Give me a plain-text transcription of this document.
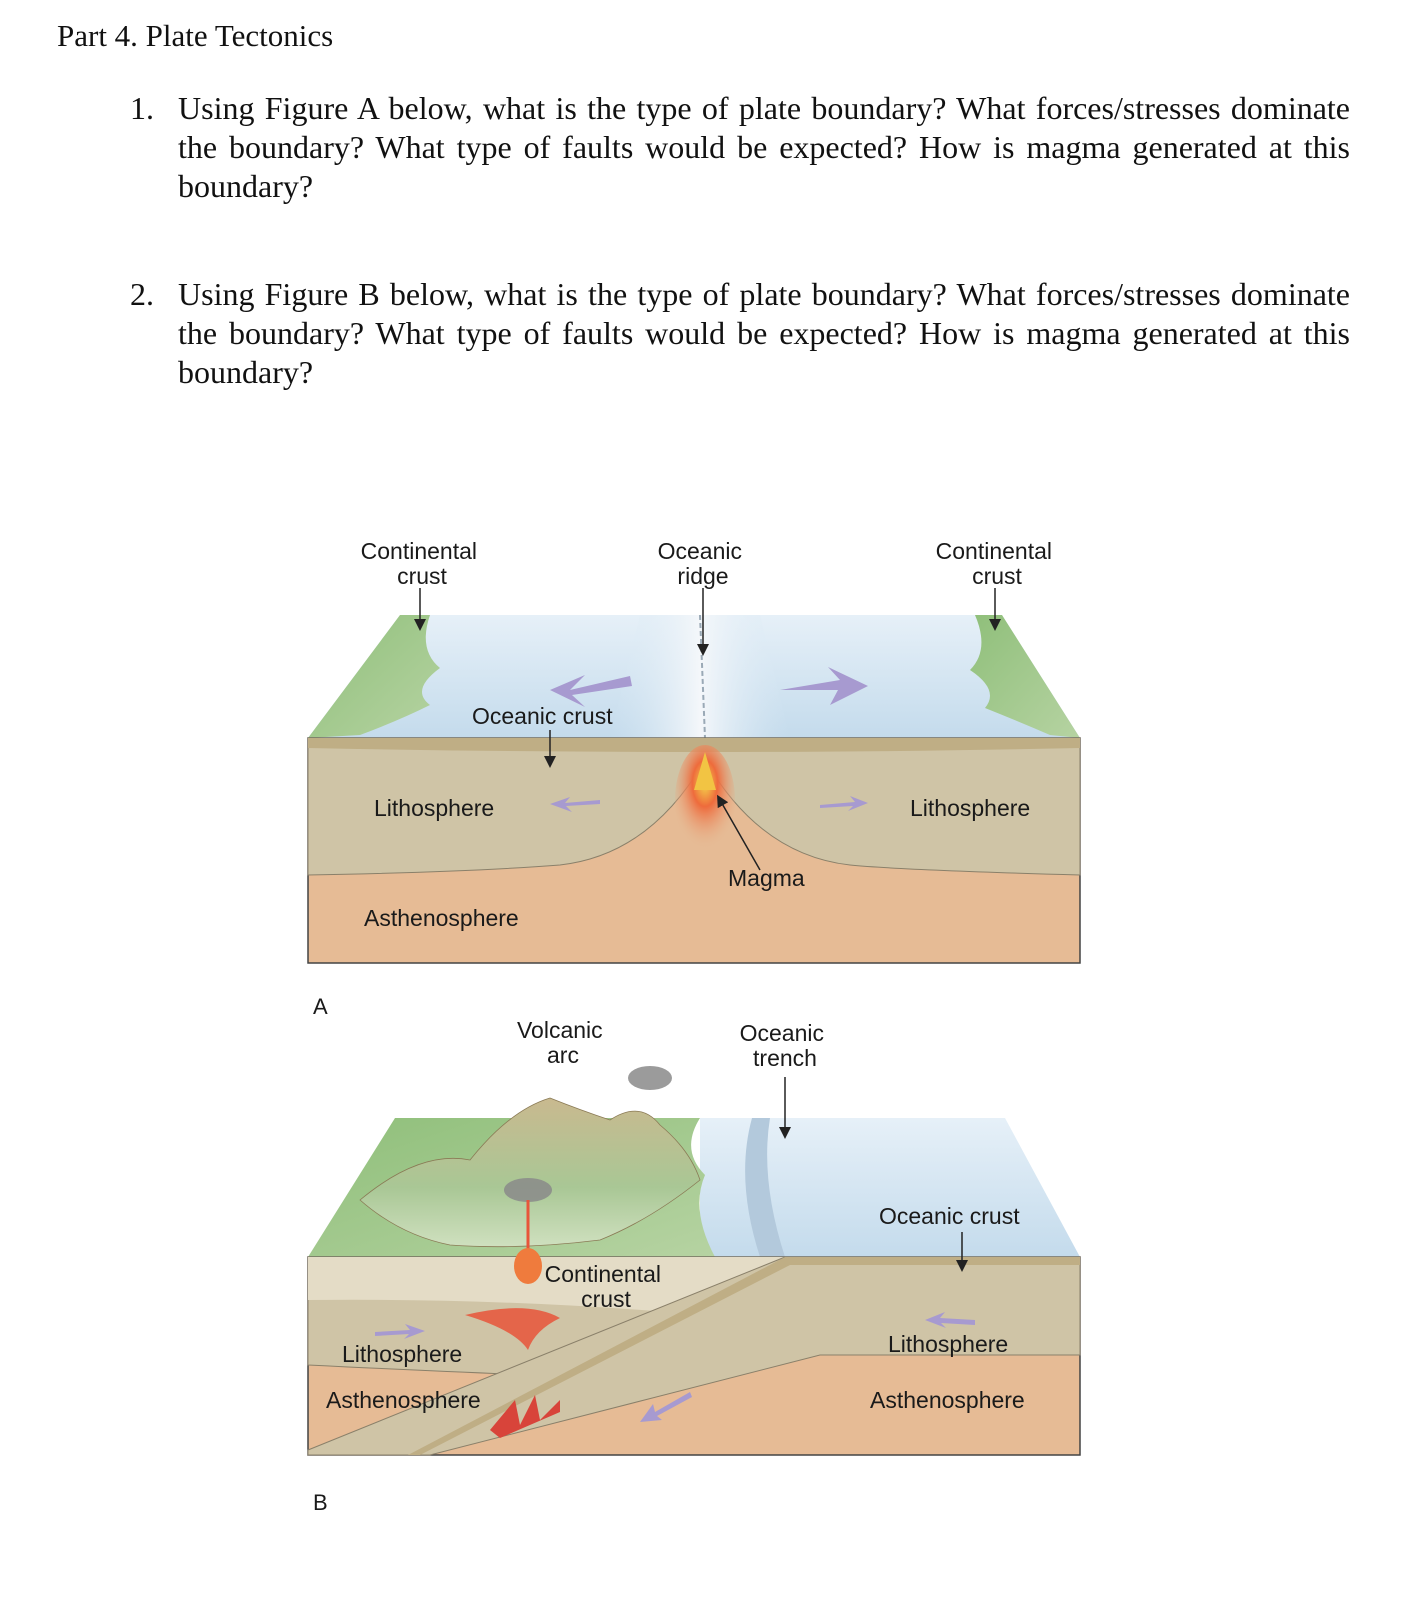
Part 4. Plate Tectonics
1. Using Figure A below, what is the type of plate boundary? What forces/stresses dominate the boundary? What type of faults would be expected? How is magma generated at this boundary?
2. Using Figure B below, what is the type of plate boundary? What forces/stresses dominate the boundary? What type of faults would be expected? How is magma generated at this boundary?
Continental crust
Oceanic ridge
Continental crust
Oceanic crust
Lithosphere	Lithosphere
Magma
Asthenosphere
A
Volcanic arc
Oceanic trench
Oceanic crust
Continental crust
Lithosphere	Lithosphere
Asthenosphere	Asthenosphere
B
